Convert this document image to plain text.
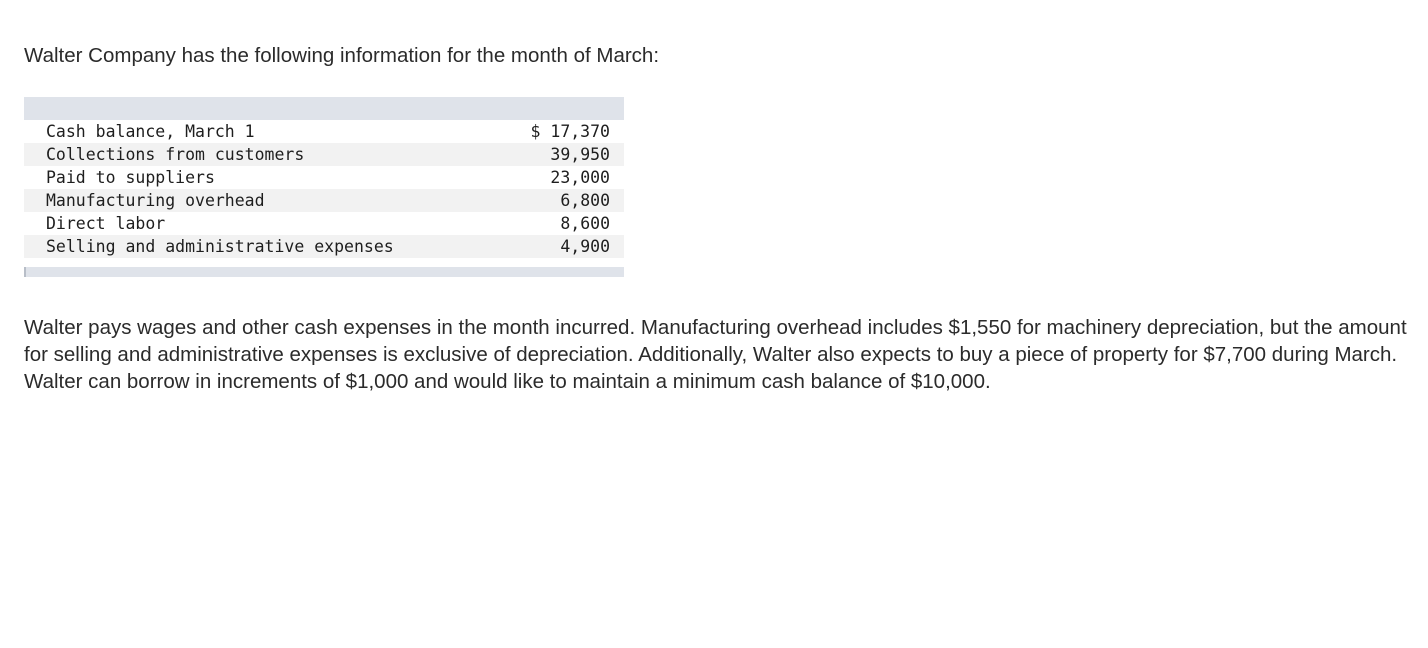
Walter Company has the following information for the month of March:

Cash balance, March 1	$ 17,370
Collections from customers	39,950
Paid to suppliers	23,000
Manufacturing overhead	6,800
Direct labor	8,600
Selling and administrative expenses	4,900

Walter pays wages and other cash expenses in the month incurred. Manufacturing overhead includes $1,550 for machinery depreciation, but the amount for selling and administrative expenses is exclusive of depreciation. Additionally, Walter also expects to buy a piece of property for $7,700 during March. Walter can borrow in increments of $1,000 and would like to maintain a minimum cash balance of $10,000.
